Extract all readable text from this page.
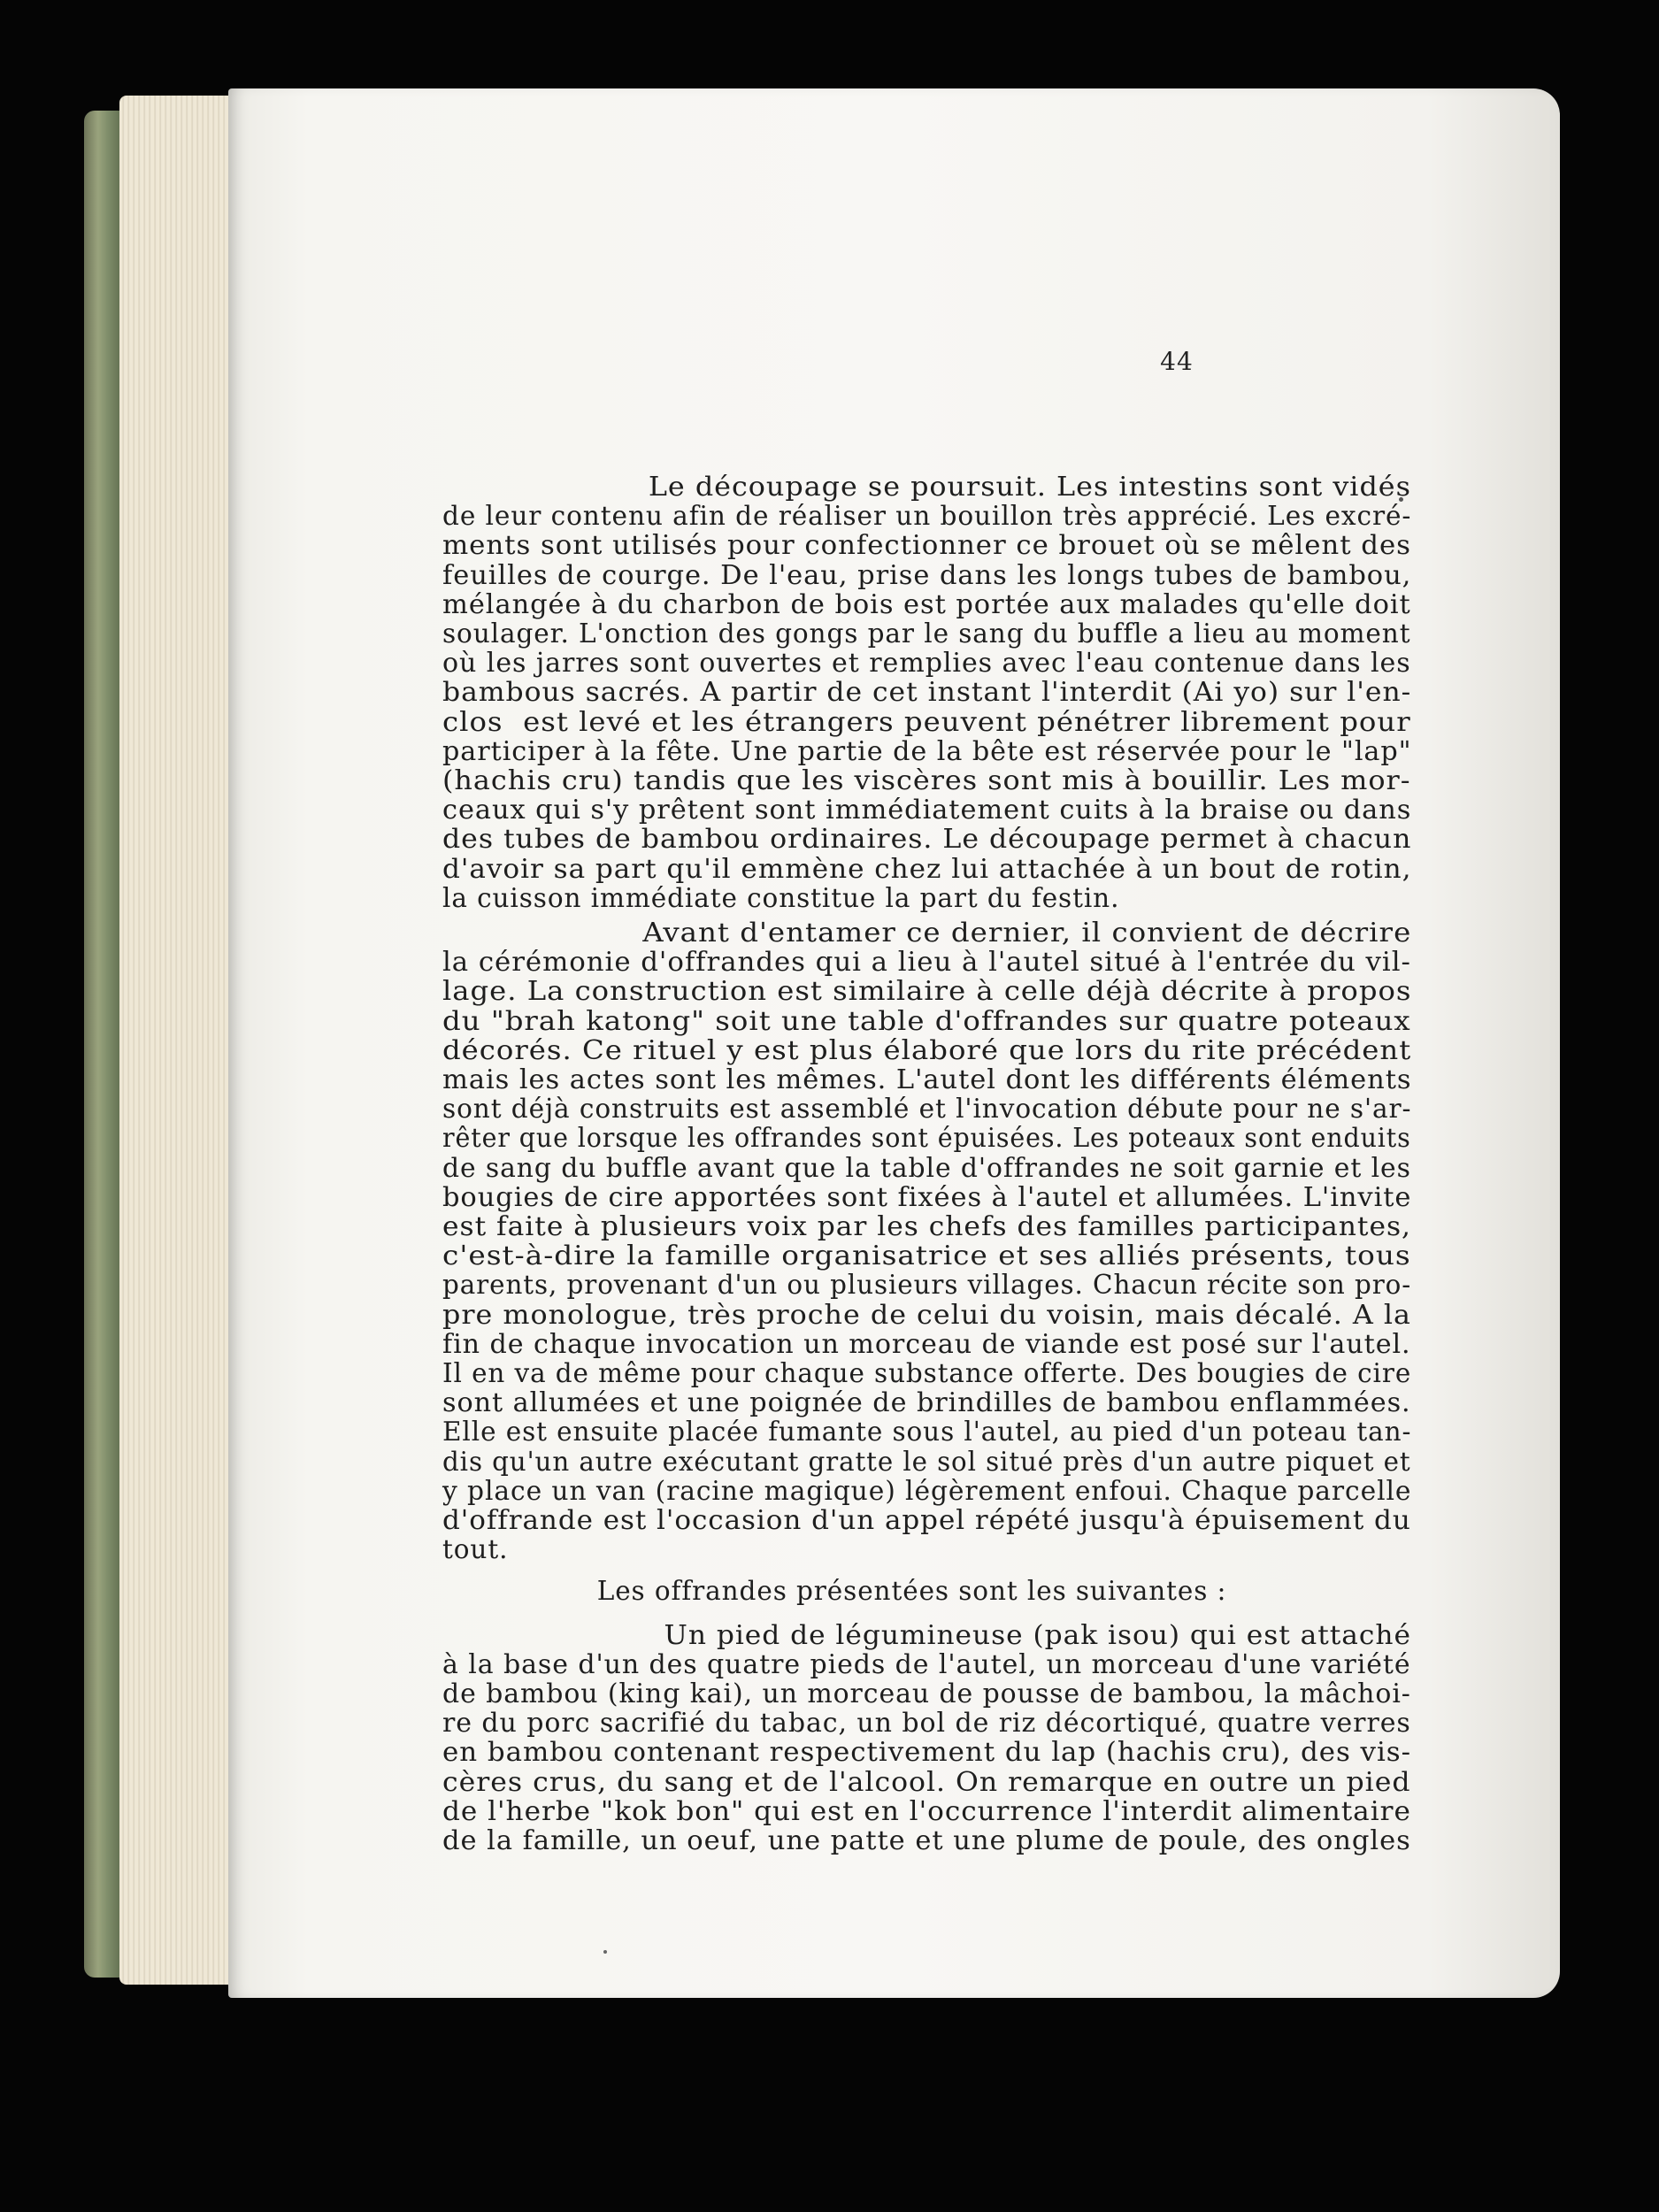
44
Le découpage se poursuit. Les intestins sont vidés
de leur contenu afin de réaliser un bouillon très apprécié. Les excré-
ments sont utilisés pour confectionner ce brouet où se mêlent des
feuilles de courge. De l'eau, prise dans les longs tubes de bambou,
mélangée à du charbon de bois est portée aux malades qu'elle doit
soulager. L'onction des gongs par le sang du buffle a lieu au moment
où les jarres sont ouvertes et remplies avec l'eau contenue dans les
bambous sacrés. A partir de cet instant l'interdit (Ai yo) sur l'en-
clos  est levé et les étrangers peuvent pénétrer librement pour
participer à la fête. Une partie de la bête est réservée pour le "lap"
(hachis cru) tandis que les viscères sont mis à bouillir. Les mor-
ceaux qui s'y prêtent sont immédiatement cuits à la braise ou dans
des tubes de bambou ordinaires. Le découpage permet à chacun
d'avoir sa part qu'il emmène chez lui attachée à un bout de rotin,
la cuisson immédiate constitue la part du festin.
Avant d'entamer ce dernier, il convient de décrire
la cérémonie d'offrandes qui a lieu à l'autel situé à l'entrée du vil-
lage. La construction est similaire à celle déjà décrite à propos
du "brah katong" soit une table d'offrandes sur quatre poteaux
décorés. Ce rituel y est plus élaboré que lors du rite précédent
mais les actes sont les mêmes. L'autel dont les différents éléments
sont déjà construits est assemblé et l'invocation débute pour ne s'ar-
rêter que lorsque les offrandes sont épuisées. Les poteaux sont enduits
de sang du buffle avant que la table d'offrandes ne soit garnie et les
bougies de cire apportées sont fixées à l'autel et allumées. L'invite
est faite à plusieurs voix par les chefs des familles participantes,
c'est-à-dire la famille organisatrice et ses alliés présents, tous
parents, provenant d'un ou plusieurs villages. Chacun récite son pro-
pre monologue, très proche de celui du voisin, mais décalé. A la
fin de chaque invocation un morceau de viande est posé sur l'autel.
Il en va de même pour chaque substance offerte. Des bougies de cire
sont allumées et une poignée de brindilles de bambou enflammées.
Elle est ensuite placée fumante sous l'autel, au pied d'un poteau tan-
dis qu'un autre exécutant gratte le sol situé près d'un autre piquet et
y place un van (racine magique) légèrement enfoui. Chaque parcelle
d'offrande est l'occasion d'un appel répété jusqu'à épuisement du
tout.
Les offrandes présentées sont les suivantes :
Un pied de légumineuse (pak isou) qui est attaché
à la base d'un des quatre pieds de l'autel, un morceau d'une variété
de bambou (king kai), un morceau de pousse de bambou, la mâchoi-
re du porc sacrifié du tabac, un bol de riz décortiqué, quatre verres
en bambou contenant respectivement du lap (hachis cru), des vis-
cères crus, du sang et de l'alcool. On remarque en outre un pied
de l'herbe "kok bon" qui est en l'occurrence l'interdit alimentaire
de la famille, un oeuf, une patte et une plume de poule, des ongles
